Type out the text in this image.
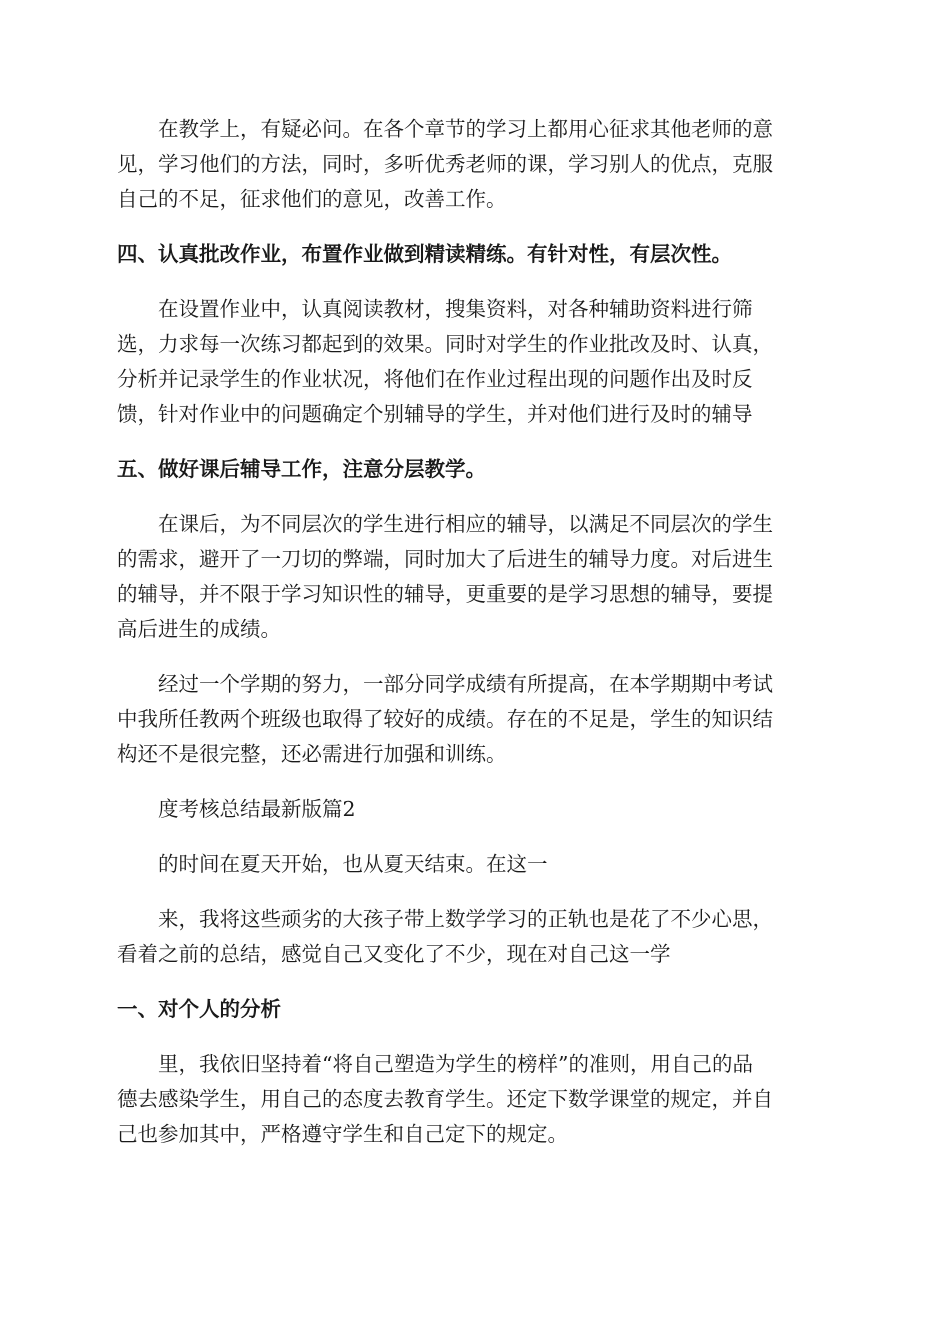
在教学上，有疑必问。在各个章节的学习上都用心征求其他老师的意
见，学习他们的方法，同时，多听优秀老师的课，学习别人的优点，克服
自己的不足，征求他们的意见，改善工作。
四、认真批改作业，布置作业做到精读精练。有针对性，有层次性。
在设置作业中，认真阅读教材，搜集资料，对各种辅助资料进行筛
选，力求每一次练习都起到的效果。同时对学生的作业批改及时、认真，
分析并记录学生的作业状况，将他们在作业过程出现的问题作出及时反
馈，针对作业中的问题确定个别辅导的学生，并对他们进行及时的辅导
五、做好课后辅导工作，注意分层教学。
在课后，为不同层次的学生进行相应的辅导，以满足不同层次的学生
的需求，避开了一刀切的弊端，同时加大了后进生的辅导力度。对后进生
的辅导，并不限于学习知识性的辅导，更重要的是学习思想的辅导，要提
高后进生的成绩。
经过一个学期的努力，一部分同学成绩有所提高，在本学期期中考试
中我所任教两个班级也取得了较好的成绩。存在的不足是，学生的知识结
构还不是很完整，还必需进行加强和训练。
度考核总结最新版篇2
的时间在夏天开始，也从夏天结束。在这一
来，我将这些顽劣的大孩子带上数学学习的正轨也是花了不少心思，
看着之前的总结，感觉自己又变化了不少，现在对自己这一学
一、对个人的分析
里，我依旧坚持着“将自己塑造为学生的榜样”的准则，用自己的品
德去感染学生，用自己的态度去教育学生。还定下数学课堂的规定，并自
己也参加其中，严格遵守学生和自己定下的规定。
